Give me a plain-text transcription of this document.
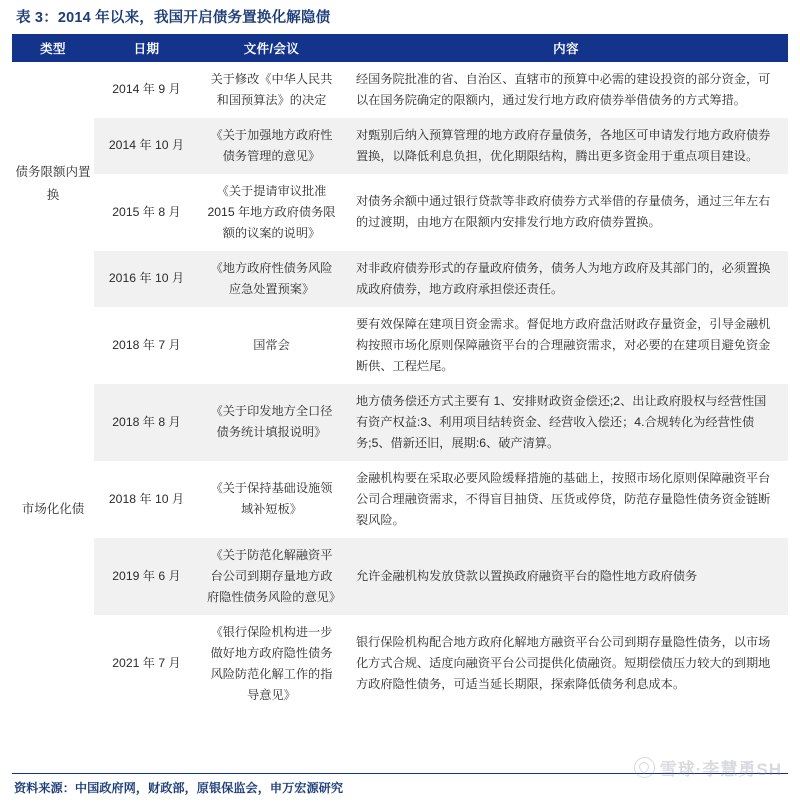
表 3：2014 年以来，我国开启债务置换化解隐债
类型	日期	文件/会议	内容
债务限额内置换	2014 年 9 月	关于修改《中华人民共和国预算法》的决定	经国务院批准的省、自治区、直辖市的预算中必需的建设投资的部分资金，可以在国务院确定的限额内，通过发行地方政府债券举借债务的方式筹措。
	2014 年 10 月	《关于加强地方政府性债务管理的意见》	对甄别后纳入预算管理的地方政府存量债务，各地区可申请发行地方政府债券置换，以降低利息负担，优化期限结构，腾出更多资金用于重点项目建设。
	2015 年 8 月	《关于提请审议批准 2015 年地方政府债务限额的议案的说明》	对债务余额中通过银行贷款等非政府债券方式举借的存量债务，通过三年左右的过渡期，由地方在限额内安排发行地方政府债券置换。
	2016 年 10 月	《地方政府性债务风险应急处置预案》	对非政府债券形式的存量政府债务，债务人为地方政府及其部门的，必须置换成政府债券，地方政府承担偿还责任。
市场化化债	2018 年 7 月	国常会	要有效保障在建项目资金需求。督促地方政府盘活财政存量资金，引导金融机构按照市场化原则保障融资平台的合理融资需求，对必要的在建项目避免资金断供、工程烂尾。
	2018 年 8 月	《关于印发地方全口径债务统计填报说明》	地方债务偿还方式主要有 1、安排财政资金偿还;2、出让政府股权与经营性国有资产权益:3、利用项目结转资金、经营收入偿还；4.合规转化为经营性债务;5、借新还旧，展期:6、破产清算。
	2018 年 10 月	《关于保持基础设施领域补短板》	金融机构要在采取必要风险缓释措施的基础上，按照市场化原则保障融资平台公司合理融资需求，不得盲目抽贷、压货或停贷，防范存量隐性债务资金链断裂风险。
	2019 年 6 月	《关于防范化解融资平台公司到期存量地方政府隐性债务风险的意见》	允许金融机构发放贷款以置换政府融资平台的隐性地方政府债务
	2021 年 7 月	《银行保险机构进一步做好地方政府隐性债务风险防范化解工作的指导意见》	银行保险机构配合地方政府化解地方融资平台公司到期存量隐性债务，以市场化方式合规、适度向融资平台公司提供化债融资。短期偿债压力较大的到期地方政府隐性债务，可适当延长期限，探索降低债务利息成本。
资料来源：中国政府网，财政部，原银保监会，申万宏源研究
雪球·李慧勇SH
